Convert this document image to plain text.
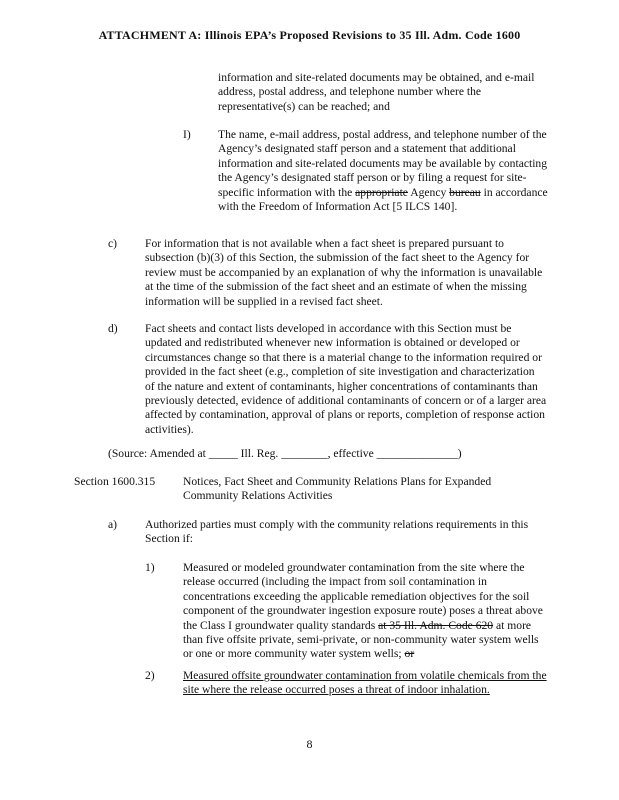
ATTACHMENT A: Illinois EPA’s Proposed Revisions to 35 Ill. Adm. Code 1600
information and site-related documents may be obtained, and e-mail address, postal address, and telephone number where the representative(s) can be reached; and
I) The name, e-mail address, postal address, and telephone number of the Agency’s designated staff person and a statement that additional information and site-related documents may be available by contacting the Agency’s designated staff person or by filing a request for site-specific information with the appropriate Agency bureau in accordance with the Freedom of Information Act [5 ILCS 140].
c) For information that is not available when a fact sheet is prepared pursuant to subsection (b)(3) of this Section, the submission of the fact sheet to the Agency for review must be accompanied by an explanation of why the information is unavailable at the time of the submission of the fact sheet and an estimate of when the missing information will be supplied in a revised fact sheet.
d) Fact sheets and contact lists developed in accordance with this Section must be updated and redistributed whenever new information is obtained or developed or circumstances change so that there is a material change to the information required or provided in the fact sheet (e.g., completion of site investigation and characterization of the nature and extent of contaminants, higher concentrations of contaminants than previously detected, evidence of additional contaminants of concern or of a larger area affected by contamination, approval of plans or reports, completion of response action activities).
(Source: Amended at _____ Ill. Reg. ________, effective ______________)
Section 1600.315 Notices, Fact Sheet and Community Relations Plans for Expanded Community Relations Activities
a) Authorized parties must comply with the community relations requirements in this Section if:
1) Measured or modeled groundwater contamination from the site where the release occurred (including the impact from soil contamination in concentrations exceeding the applicable remediation objectives for the soil component of the groundwater ingestion exposure route) poses a threat above the Class I groundwater quality standards at 35 Ill. Adm. Code 620 at more than five offsite private, semi-private, or non-community water system wells or one or more community water system wells; or
2) Measured offsite groundwater contamination from volatile chemicals from the site where the release occurred poses a threat of indoor inhalation.
8
